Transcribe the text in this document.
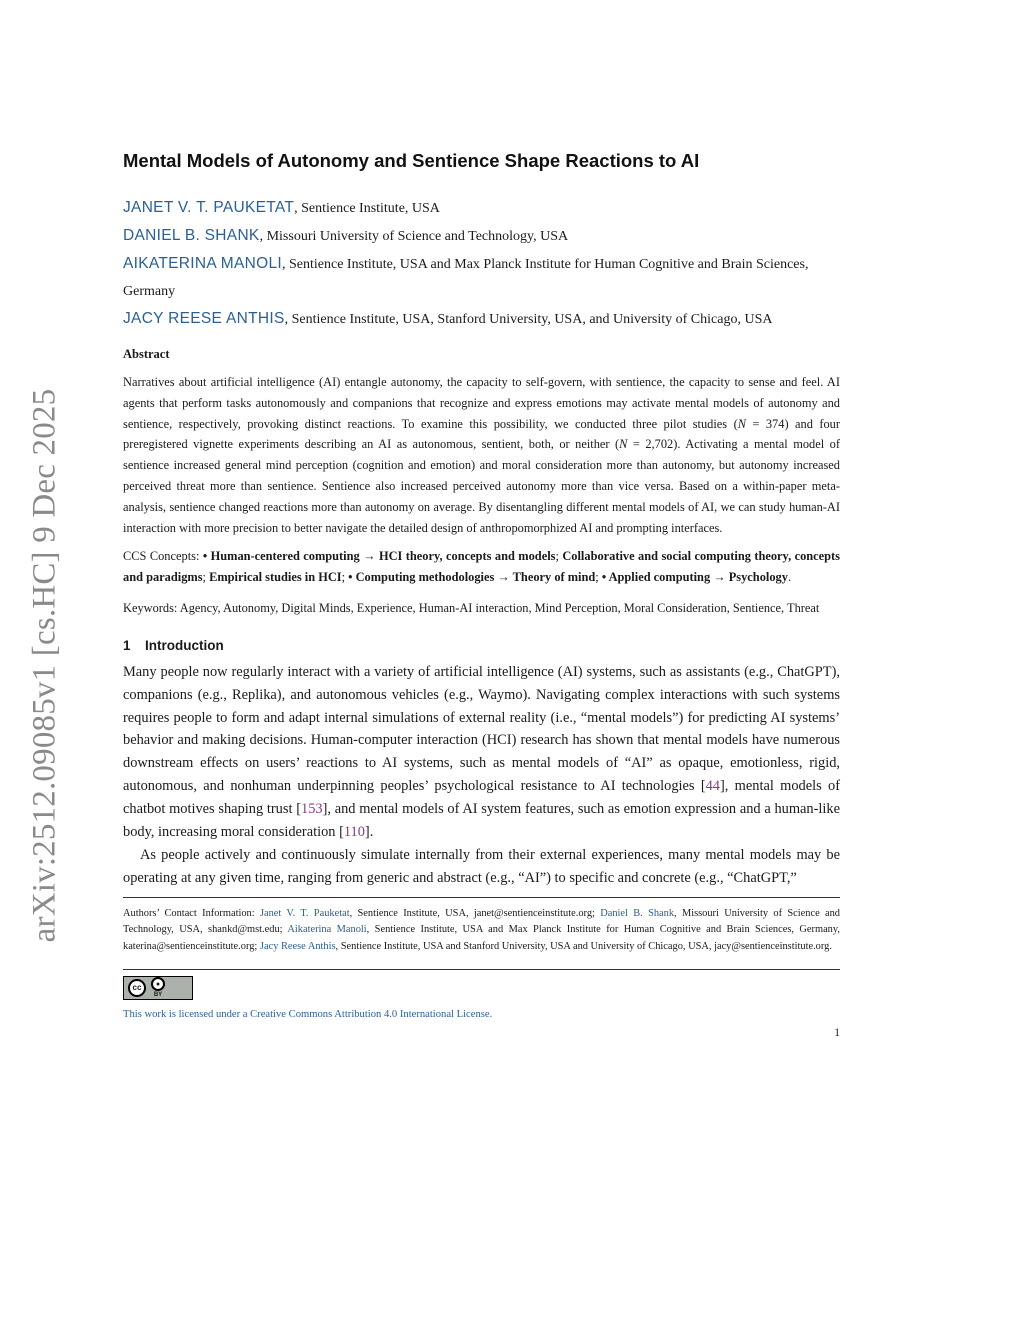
arXiv:2512.09085v1 [cs.HC] 9 Dec 2025
Mental Models of Autonomy and Sentience Shape Reactions to AI

JANET V. T. PAUKETAT, Sentience Institute, USA

DANIEL B. SHANK, Missouri University of Science and Technology, USA

AIKATERINA MANOLI, Sentience Institute, USA and Max Planck Institute for Human Cognitive and Brain Sciences, Germany

JACY REESE ANTHIS, Sentience Institute, USA, Stanford University, USA, and University of Chicago, USA

Abstract

Narratives about artificial intelligence (AI) entangle autonomy, the capacity to self-govern, with sentience, the capacity to sense and feel. AI agents that perform tasks autonomously and companions that recognize and express emotions may activate mental models of autonomy and sentience, respectively, provoking distinct reactions. To examine this possibility, we conducted three pilot studies (N = 374) and four preregistered vignette experiments describing an AI as autonomous, sentient, both, or neither (N = 2,702). Activating a mental model of sentience increased general mind perception (cognition and emotion) and moral consideration more than autonomy, but autonomy increased perceived threat more than sentience. Sentience also increased perceived autonomy more than vice versa. Based on a within-paper meta-analysis, sentience changed reactions more than autonomy on average. By disentangling different mental models of AI, we can study human-AI interaction with more precision to better navigate the detailed design of anthropomorphized AI and prompting interfaces.

CCS Concepts: • Human-centered computing → HCI theory, concepts and models; Collaborative and social computing theory, concepts and paradigms; Empirical studies in HCI; • Computing methodologies → Theory of mind; • Applied computing → Psychology.

Keywords: Agency, Autonomy, Digital Minds, Experience, Human-AI interaction, Mind Perception, Moral Consideration, Sentience, Threat

1 Introduction

Many people now regularly interact with a variety of artificial intelligence (AI) systems, such as assistants (e.g., ChatGPT), companions (e.g., Replika), and autonomous vehicles (e.g., Waymo). Navigating complex interactions with such systems requires people to form and adapt internal simulations of external reality (i.e., “mental models”) for predicting AI systems’ behavior and making decisions. Human-computer interaction (HCI) research has shown that mental models have numerous downstream effects on users’ reactions to AI systems, such as mental models of “AI” as opaque, emotionless, rigid, autonomous, and nonhuman underpinning peoples’ psychological resistance to AI technologies [44], mental models of chatbot motives shaping trust [153], and mental models of AI system features, such as emotion expression and a human-like body, increasing moral consideration [110].

As people actively and continuously simulate internally from their external experiences, many mental models may be operating at any given time, ranging from generic and abstract (e.g., “AI”) to specific and concrete (e.g., “ChatGPT,”

Authors’ Contact Information: Janet V. T. Pauketat, Sentience Institute, USA, janet@sentienceinstitute.org; Daniel B. Shank, Missouri University of Science and Technology, USA, shankd@mst.edu; Aikaterina Manoli, Sentience Institute, USA and Max Planck Institute for Human Cognitive and Brain Sciences, Germany, katerina@sentienceinstitute.org; Jacy Reese Anthis, Sentience Institute, USA and Stanford University, USA and University of Chicago, USA, jacy@sentienceinstitute.org.

cc	●
BY

This work is licensed under a Creative Commons Attribution 4.0 International License.

1
